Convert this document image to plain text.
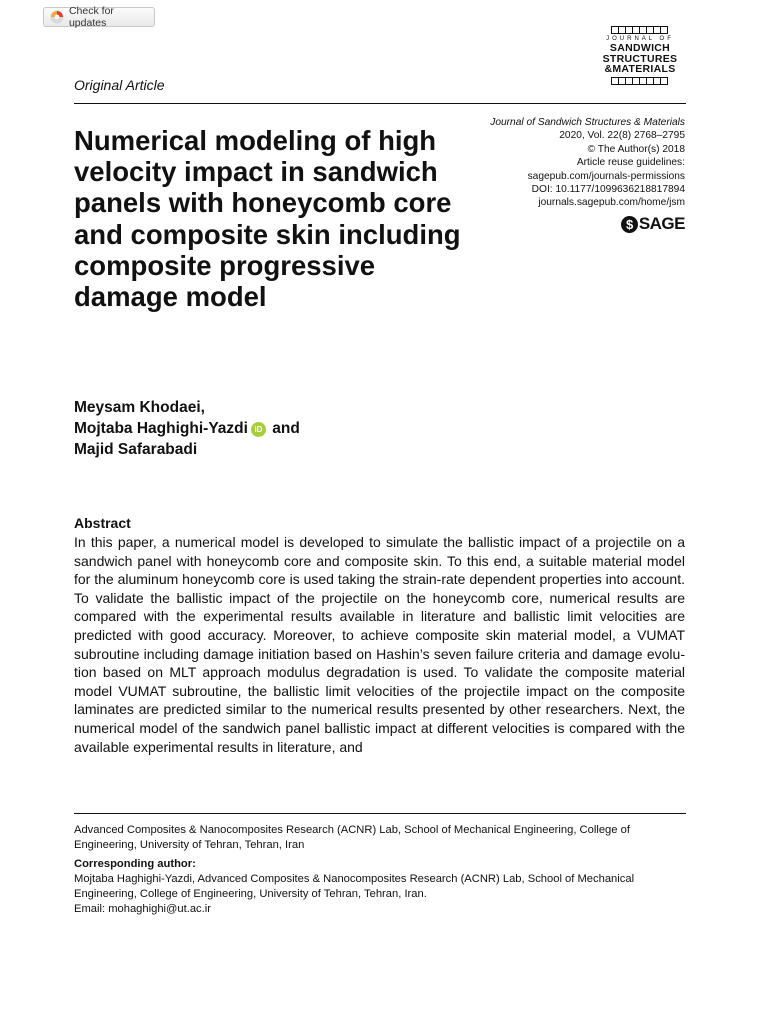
Check for updates
JOURNAL OF
SANDWICH
STRUCTURES
&MATERIALS
Original Article
Numerical modeling of high velocity impact in sandwich panels with honeycomb core and composite skin including composite progressive damage model
Journal of Sandwich Structures & Materials
2020, Vol. 22(8) 2768–2795
© The Author(s) 2018
Article reuse guidelines:
sagepub.com/journals-permissions
DOI: 10.1177/1099636218817894
journals.sagepub.com/home/jsm
$ SAGE
Meysam Khodaei,
Mojtaba Haghighi-Yazdi iD and
Majid Safarabadi
Abstract

In this paper, a numerical model is developed to simulate the ballistic impact of a projectile on a sandwich panel with honeycomb core and composite skin. To this end, a suitable material model for the aluminum honeycomb core is used taking the strain-rate dependent properties into account. To validate the ballistic impact of the projectile on the honeycomb core, numerical results are compared with the experimental results available in literature and ballistic limit velocities are predicted with good accuracy. Moreover, to achieve composite skin material model, a VUMAT subroutine including damage initiation based on Hashin’s seven failure criteria and damage evolution based on MLT approach modulus degradation is used. To validate the composite material model VUMAT subroutine, the ballistic limit velocities of the projectile impact on the composite laminates are predicted similar to the numerical results presented by other researchers. Next, the numerical model of the sandwich panel ballistic impact at different velocities is compared with the available experimental results in literature, and

Advanced Composites & Nanocomposites Research (ACNR) Lab, School of Mechanical Engineering, College of Engineering, University of Tehran, Tehran, Iran

Corresponding author:

Mojtaba Haghighi-Yazdi, Advanced Composites & Nanocomposites Research (ACNR) Lab, School of Mechanical Engineering, College of Engineering, University of Tehran, Tehran, Iran.

Email: mohaghighi@ut.ac.ir
